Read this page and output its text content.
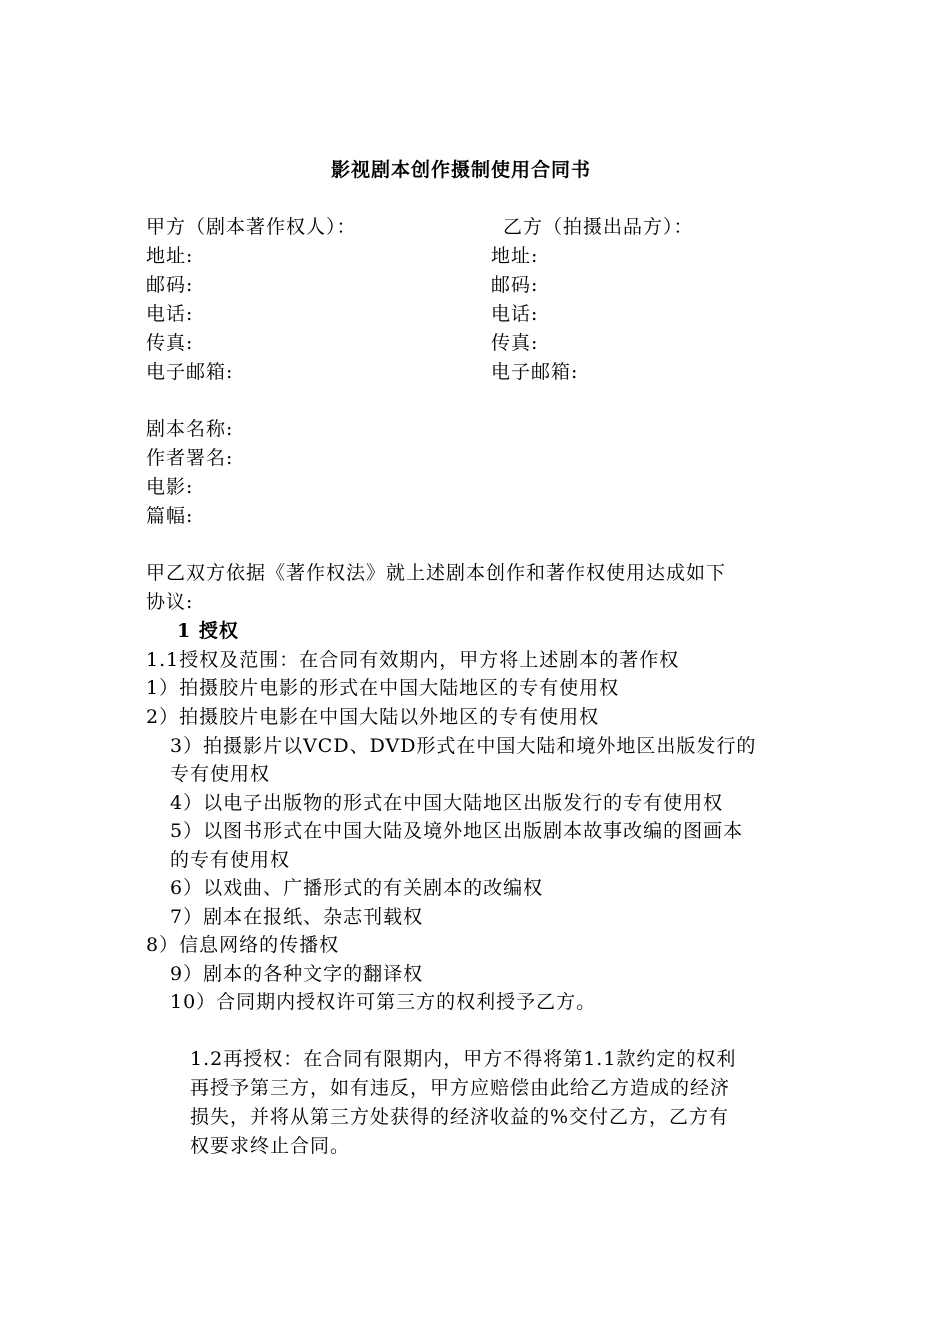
影视剧本创作摄制使用合同书
甲方（剧本著作权人）：
地址:
邮码:
电话:
传真:
电子邮箱:
乙方（拍摄出品方）：
地址:
邮码:
电话:
传真:
电子邮箱:
剧本名称:
作者署名:
电影:
篇幅:
甲乙双方依据《著作权法》就上述剧本创作和著作权使用达成如下
协议:
1 授权
1.1授权及范围：在合同有效期内，甲方将上述剧本的著作权
1）拍摄胶片电影的形式在中国大陆地区的专有使用权
2）拍摄胶片电影在中国大陆以外地区的专有使用权
3）拍摄影片以VCD、DVD形式在中国大陆和境外地区出版发行的
专有使用权
4）以电子出版物的形式在中国大陆地区出版发行的专有使用权
5）以图书形式在中国大陆及境外地区出版剧本故事改编的图画本
的专有使用权
6）以戏曲、广播形式的有关剧本的改编权
7）剧本在报纸、杂志刊载权
8）信息网络的传播权
9）剧本的各种文字的翻译权
10）合同期内授权许可第三方的权利授予乙方。
1.2再授权：在合同有限期内，甲方不得将第1.1款约定的权利
再授予第三方，如有违反，甲方应赔偿由此给乙方造成的经济
损失，并将从第三方处获得的经济收益的%交付乙方，乙方有
权要求终止合同。
